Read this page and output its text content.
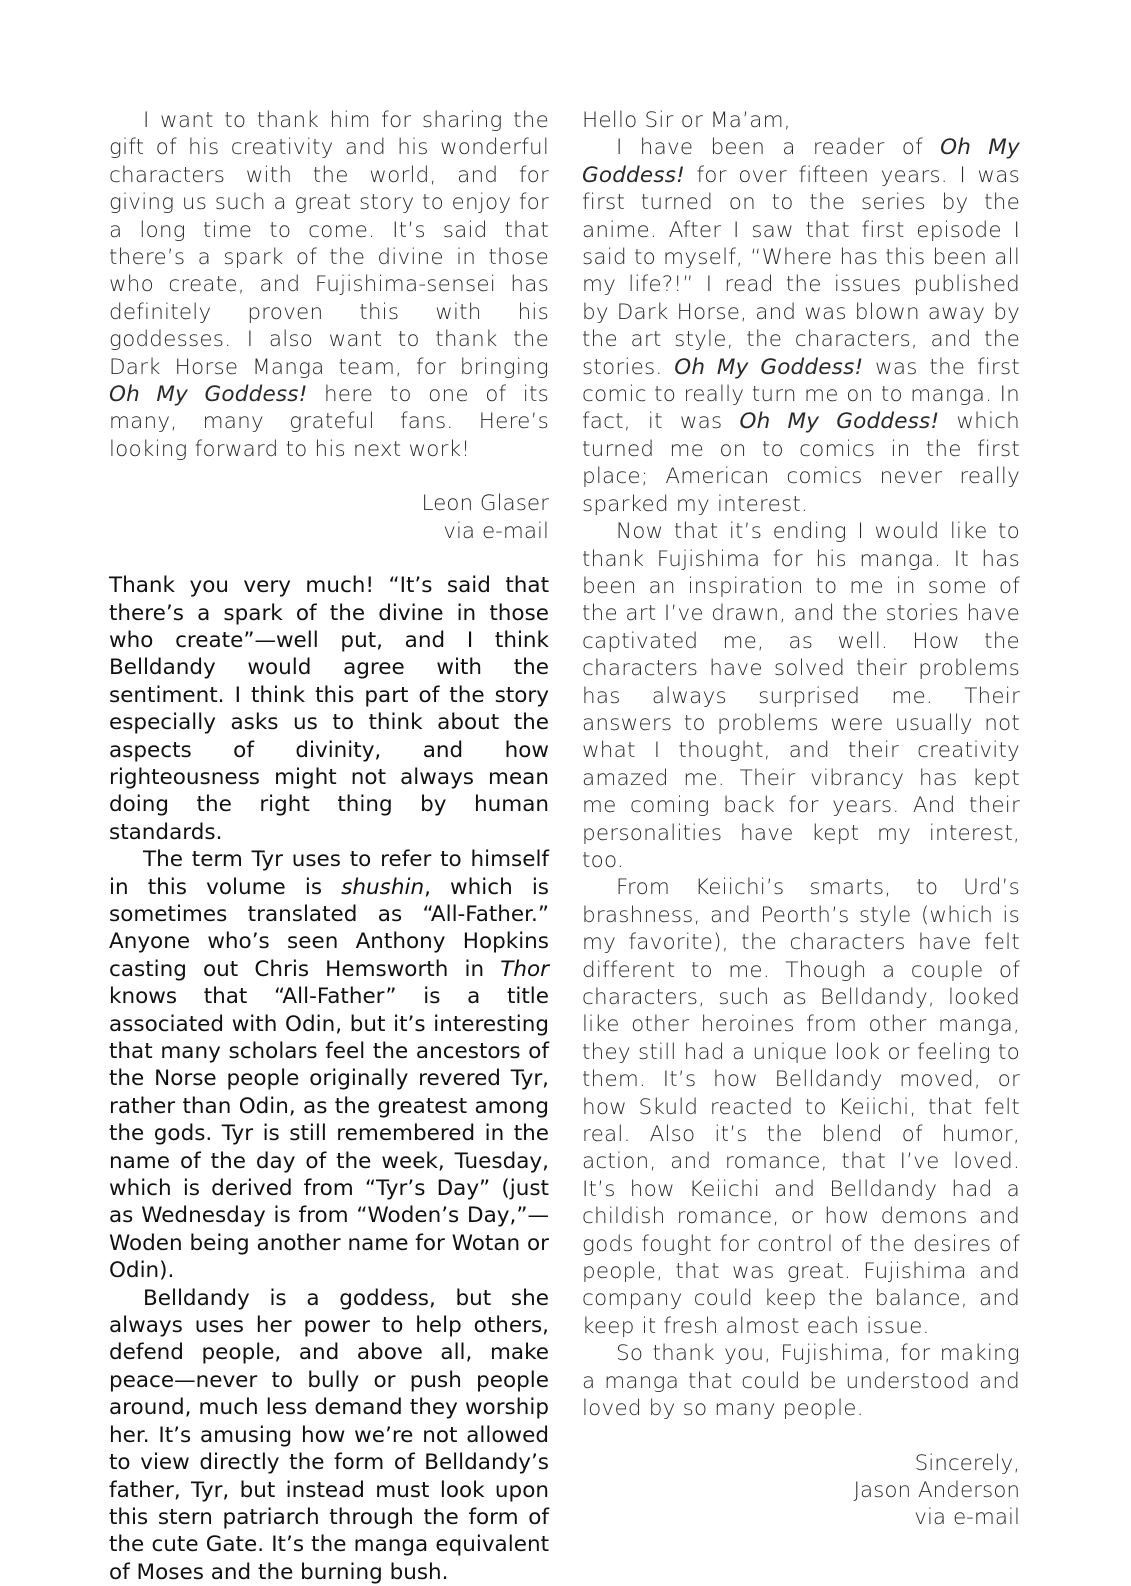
I want to thank him for sharing the gift of his creativity and his wonderful characters with the world, and for giving us such a great story to enjoy for a long time to come. It’s said that there’s a spark of the divine in those who create, and Fujishima-sensei has definitely proven this with his goddesses. I also want to thank the Dark Horse Manga team, for bringing Oh My Goddess! here to one of its many, many grateful fans. Here’s looking forward to his next work!

Leon Glaser
via e-mail

Thank you very much! “It’s said that there’s a spark of the divine in those who create”—well put, and I think Belldandy would agree with the sentiment. I think this part of the story especially asks us to think about the aspects of divinity, and how righteousness might not always mean doing the right thing by human standards.

The term Tyr uses to refer to himself in this volume is shushin, which is sometimes translated as “All-Father.” Anyone who’s seen Anthony Hopkins casting out Chris Hemsworth in Thor knows that “All-Father” is a title associated with Odin, but it’s interesting that many scholars feel the ancestors of the Norse people originally revered Tyr, rather than Odin, as the greatest among the gods. Tyr is still remembered in the name of the day of the week, Tuesday, which is derived from “Tyr’s Day” (just as Wednesday is from “Woden’s Day,”—Woden being another name for Wotan or Odin).

Belldandy is a goddess, but she always uses her power to help others, defend people, and above all, make peace—never to bully or push people around, much less demand they worship her. It’s amusing how we’re not allowed to view directly the form of Belldandy’s father, Tyr, but instead must look upon this stern patriarch through the form of the cute Gate. It’s the manga equivalent of Moses and the burning bush.

Hello Sir or Ma’am,

I have been a reader of Oh My Goddess! for over fifteen years. I was first turned on to the series by the anime. After I saw that first episode I said to myself, “Where has this been all my life?!” I read the issues published by Dark Horse, and was blown away by the art style, the characters, and the stories. Oh My Goddess! was the first comic to really turn me on to manga. In fact, it was Oh My Goddess! which turned me on to comics in the first place; American comics never really sparked my interest.

Now that it’s ending I would like to thank Fujishima for his manga. It has been an inspiration to me in some of the art I’ve drawn, and the stories have captivated me, as well. How the characters have solved their problems has always surprised me. Their answers to problems were usually not what I thought, and their creativity amazed me. Their vibrancy has kept me coming back for years. And their personalities have kept my interest, too.

From Keiichi’s smarts, to Urd’s brashness, and Peorth’s style (which is my favorite), the characters have felt different to me. Though a couple of characters, such as Belldandy, looked like other heroines from other manga, they still had a unique look or feeling to them. It’s how Belldandy moved, or how Skuld reacted to Keiichi, that felt real. Also it’s the blend of humor, action, and romance, that I’ve loved. It’s how Keiichi and Belldandy had a childish romance, or how demons and gods fought for control of the desires of people, that was great. Fujishima and company could keep the balance, and keep it fresh almost each issue.

So thank you, Fujishima, for making a manga that could be understood and loved by so many people.

Sincerely,
Jason Anderson
via e-mail
